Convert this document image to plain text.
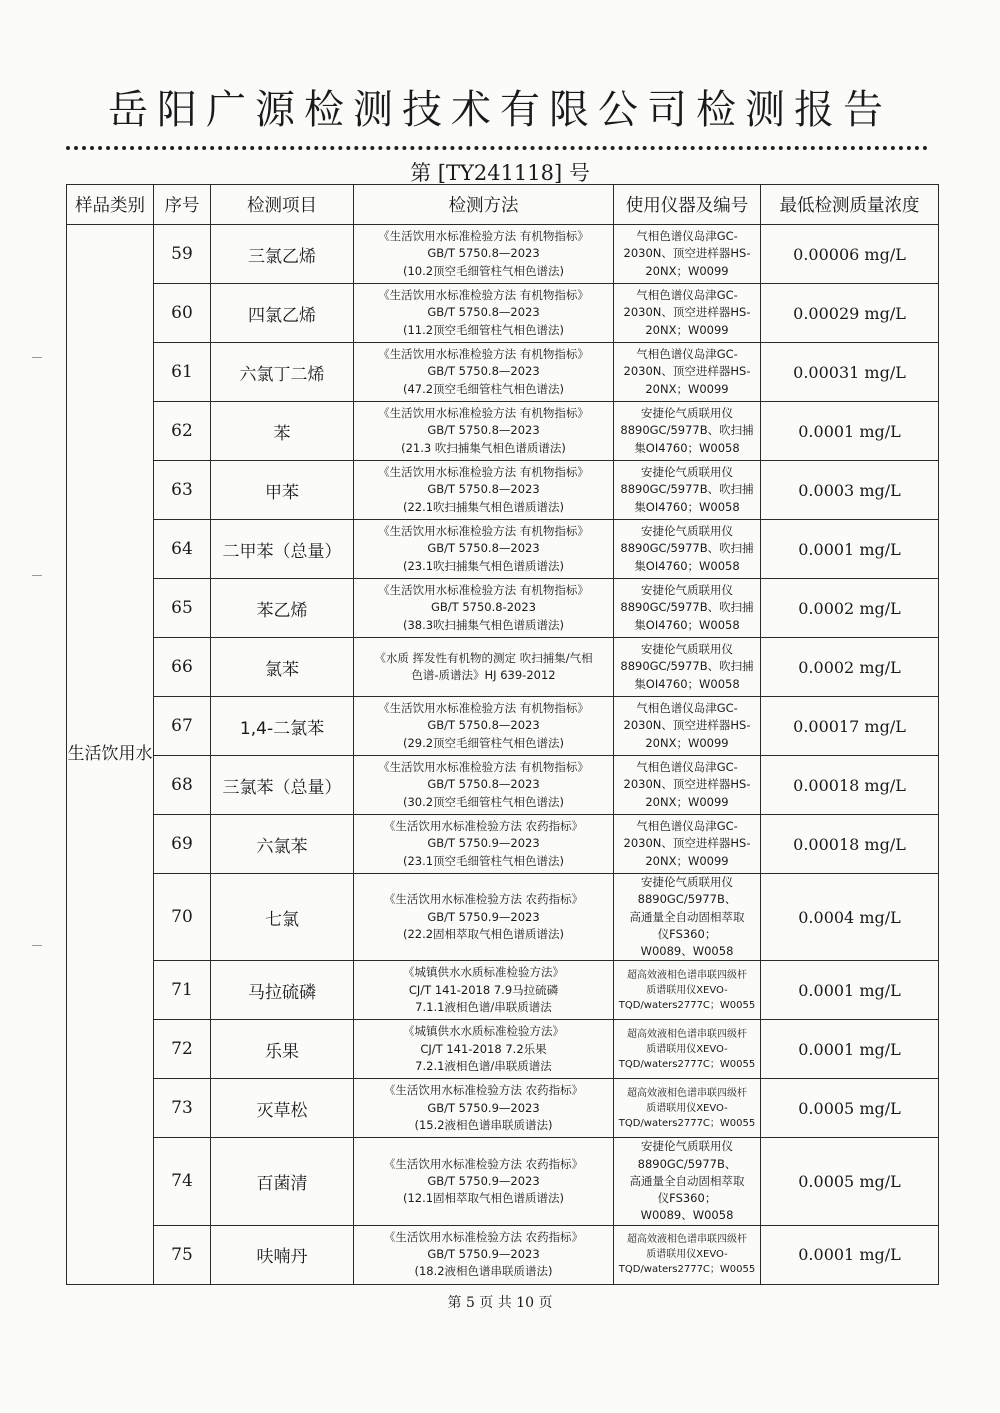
岳阳广源检测技术有限公司检测报告
第 [TY241118] 号
样品类别	序号	检测项目	检测方法	使用仪器及编号	最低检测质量浓度
生活饮用水	59	三氯乙烯	《生活饮用水标准检验方法 有机物指标》
GB/T 5750.8—2023
(10.2顶空毛细管柱气相色谱法)	气相色谱仪岛津GC-
2030N、顶空进样器HS-
20NX；W0099	0.00006 mg/L
	60	四氯乙烯	《生活饮用水标准检验方法 有机物指标》
GB/T 5750.8—2023
(11.2顶空毛细管柱气相色谱法)	气相色谱仪岛津GC-
2030N、顶空进样器HS-
20NX；W0099	0.00029 mg/L
	61	六氯丁二烯	《生活饮用水标准检验方法 有机物指标》
GB/T 5750.8—2023
(47.2顶空毛细管柱气相色谱法)	气相色谱仪岛津GC-
2030N、顶空进样器HS-
20NX；W0099	0.00031 mg/L
	62	苯	《生活饮用水标准检验方法 有机物指标》
GB/T 5750.8—2023
(21.3 吹扫捕集气相色谱质谱法)	安捷伦气质联用仪
8890GC/5977B、吹扫捕
集OI4760；W0058	0.0001 mg/L
	63	甲苯	《生活饮用水标准检验方法 有机物指标》
GB/T 5750.8—2023
(22.1吹扫捕集气相色谱质谱法)	安捷伦气质联用仪
8890GC/5977B、吹扫捕
集OI4760；W0058	0.0003 mg/L
	64	二甲苯（总量）	《生活饮用水标准检验方法 有机物指标》
GB/T 5750.8—2023
(23.1吹扫捕集气相色谱质谱法)	安捷伦气质联用仪
8890GC/5977B、吹扫捕
集OI4760；W0058	0.0001 mg/L
	65	苯乙烯	《生活饮用水标准检验方法 有机物指标》
GB/T 5750.8-2023
(38.3吹扫捕集气相色谱质谱法)	安捷伦气质联用仪
8890GC/5977B、吹扫捕
集OI4760；W0058	0.0002 mg/L
	66	氯苯	《水质 挥发性有机物的测定 吹扫捕集/气相
色谱-质谱法》HJ 639-2012	安捷伦气质联用仪
8890GC/5977B、吹扫捕
集OI4760；W0058	0.0002 mg/L
	67	1,4-二氯苯	《生活饮用水标准检验方法 有机物指标》
GB/T 5750.8—2023
(29.2顶空毛细管柱气相色谱法)	气相色谱仪岛津GC-
2030N、顶空进样器HS-
20NX；W0099	0.00017 mg/L
	68	三氯苯（总量）	《生活饮用水标准检验方法 有机物指标》
GB/T 5750.8—2023
(30.2顶空毛细管柱气相色谱法)	气相色谱仪岛津GC-
2030N、顶空进样器HS-
20NX；W0099	0.00018 mg/L
	69	六氯苯	《生活饮用水标准检验方法 农药指标》
GB/T 5750.9—2023
(23.1顶空毛细管柱气相色谱法)	气相色谱仪岛津GC-
2030N、顶空进样器HS-
20NX；W0099	0.00018 mg/L
	70	七氯	《生活饮用水标准检验方法 农药指标》
GB/T 5750.9—2023
(22.2固相萃取气相色谱质谱法)	安捷伦气质联用仪
8890GC/5977B、
高通量全自动固相萃取
仪FS360；
W0089、W0058	0.0004 mg/L
	71	马拉硫磷	《城镇供水水质标准检验方法》
CJ/T 141-2018 7.9马拉硫磷
7.1.1液相色谱/串联质谱法	超高效液相色谱串联四级杆
质谱联用仪XEVO-
TQD/waters2777C；W0055	0.0001 mg/L
	72	乐果	《城镇供水水质标准检验方法》
CJ/T 141-2018 7.2乐果
7.2.1液相色谱/串联质谱法	超高效液相色谱串联四级杆
质谱联用仪XEVO-
TQD/waters2777C；W0055	0.0001 mg/L
	73	灭草松	《生活饮用水标准检验方法 农药指标》
GB/T 5750.9—2023
(15.2液相色谱串联质谱法)	超高效液相色谱串联四级杆
质谱联用仪XEVO-
TQD/waters2777C；W0055	0.0005 mg/L
	74	百菌清	《生活饮用水标准检验方法 农药指标》
GB/T 5750.9—2023
(12.1固相萃取气相色谱质谱法)	安捷伦气质联用仪
8890GC/5977B、
高通量全自动固相萃取
仪FS360；
W0089、W0058	0.0005 mg/L
	75	呋喃丹	《生活饮用水标准检验方法 农药指标》
GB/T 5750.9—2023
(18.2液相色谱串联质谱法)	超高效液相色谱串联四级杆
质谱联用仪XEVO-
TQD/waters2777C；W0055	0.0001 mg/L
第 5 页 共 10 页
